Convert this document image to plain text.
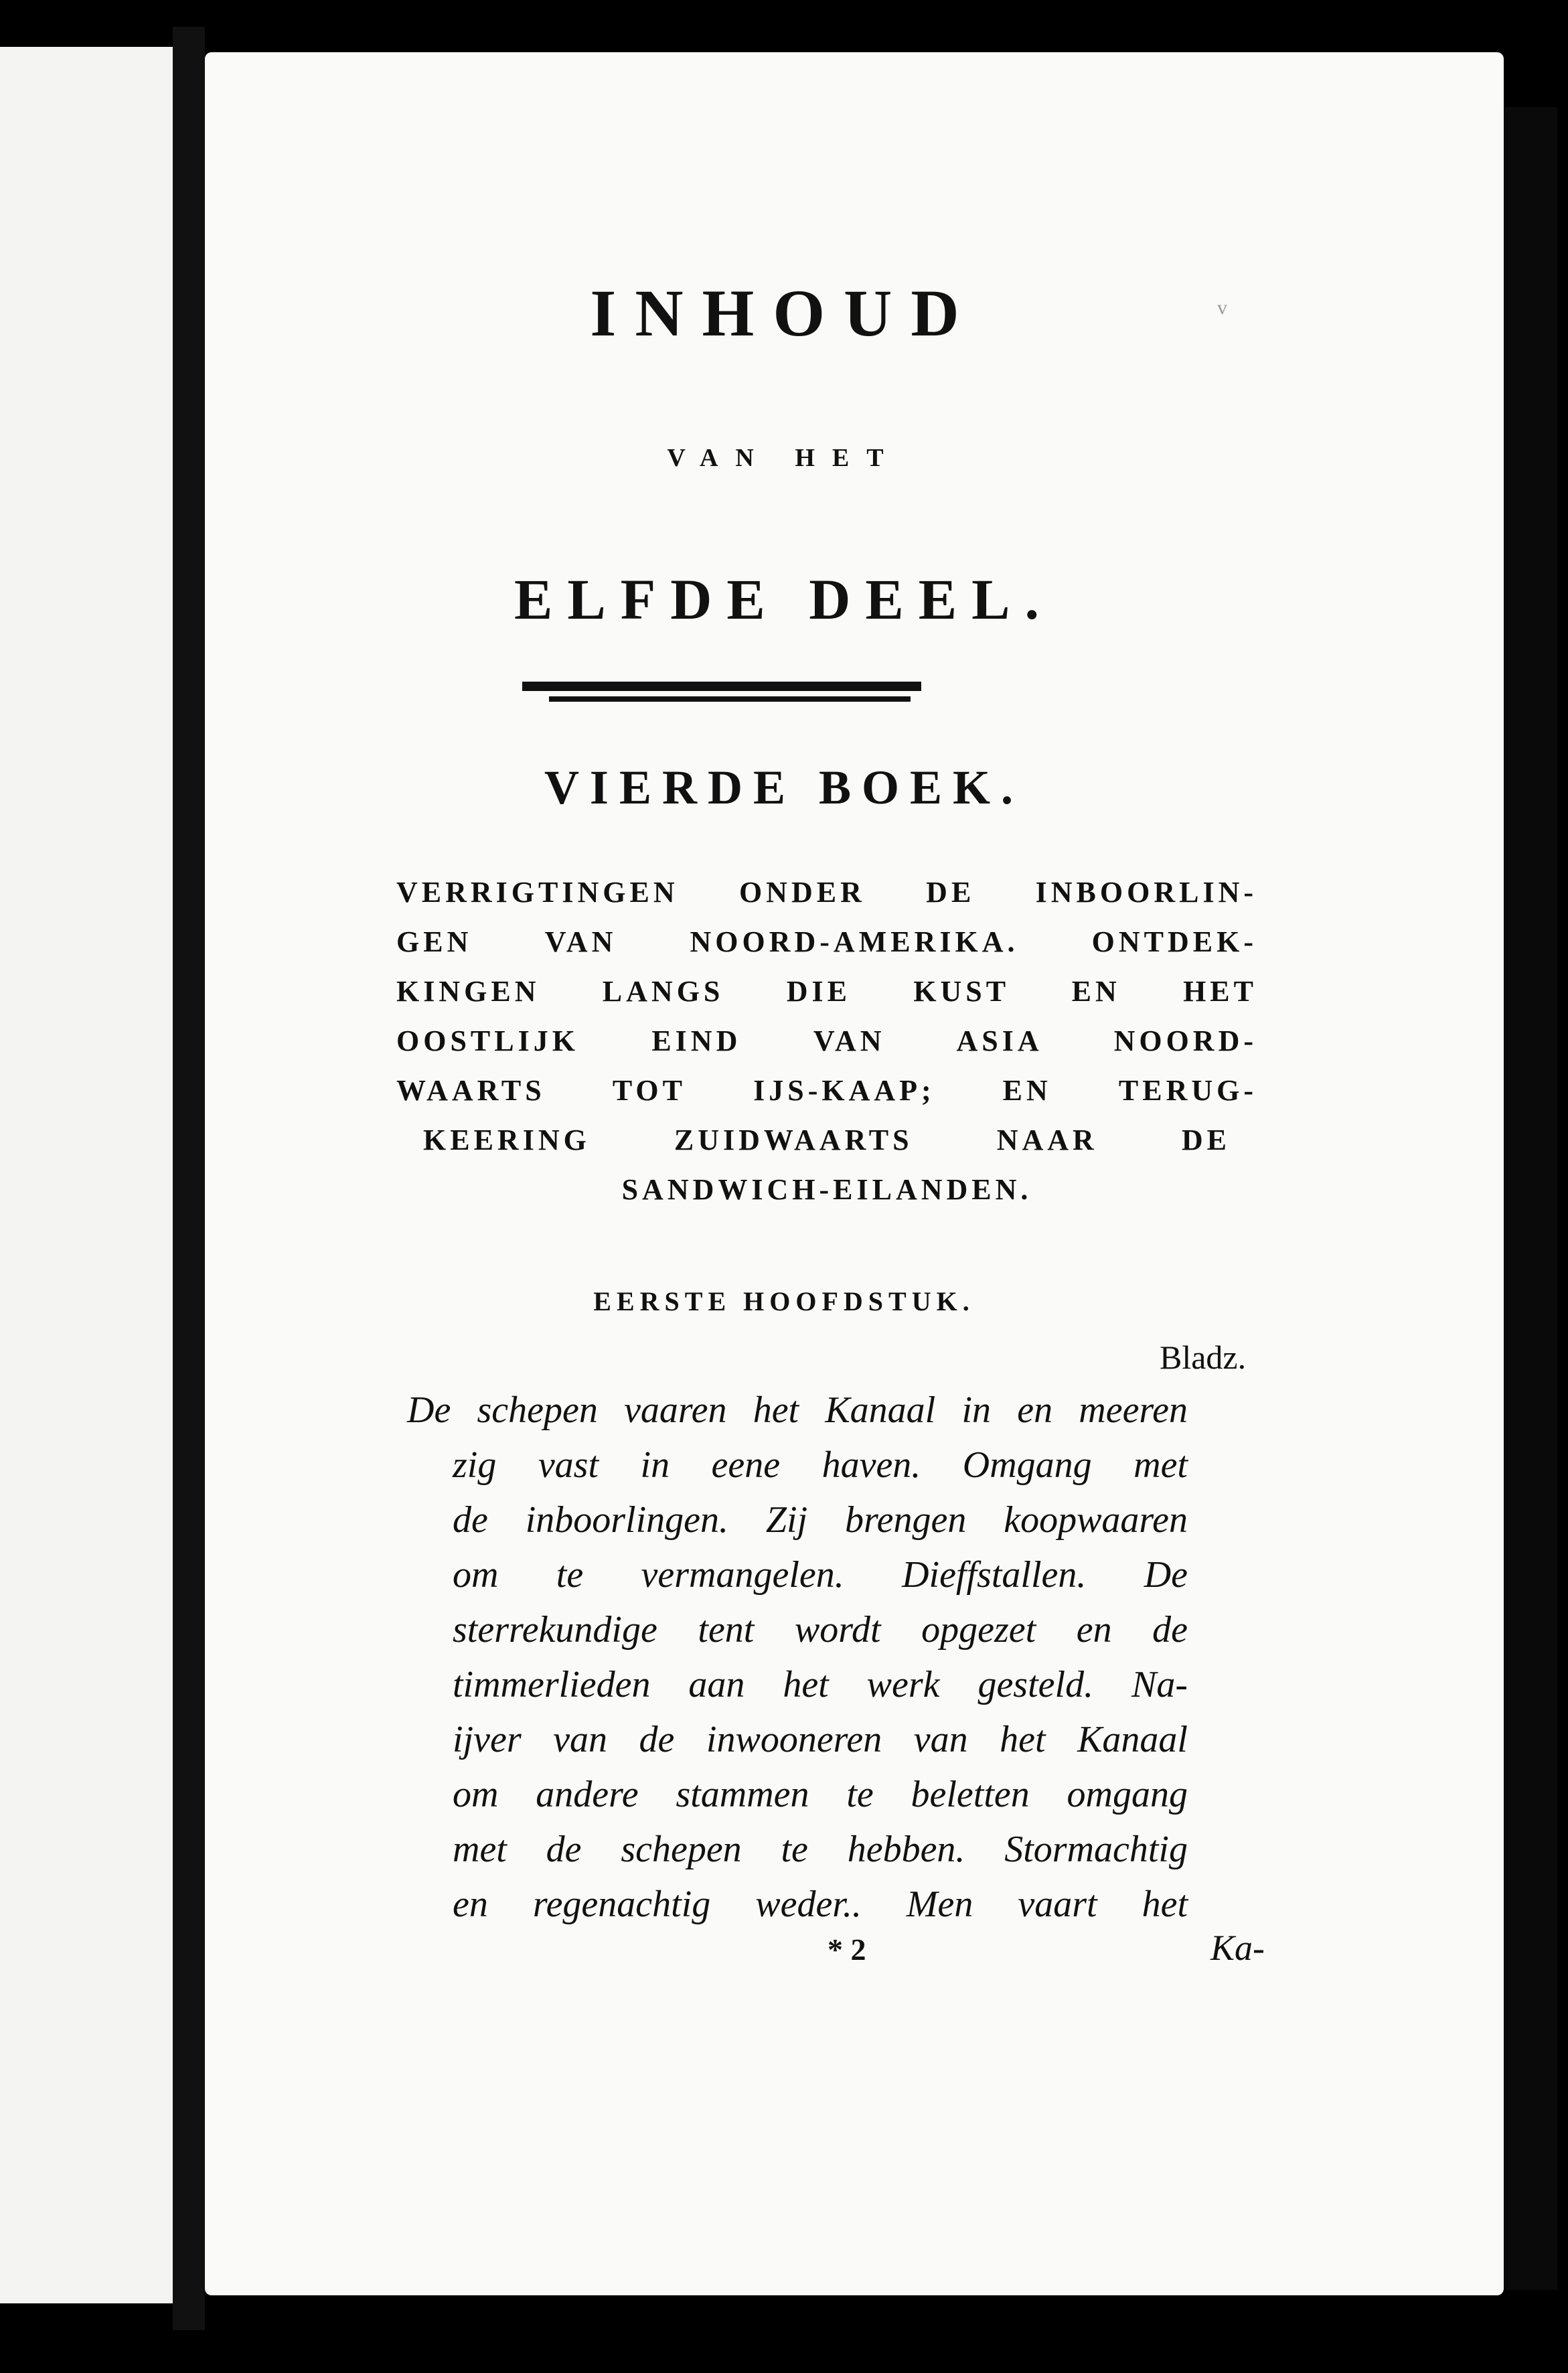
v
INHOUD
VAN HET
ELFDE DEEL.
VIERDE BOEK.
VERRIGTINGEN ONDER DE INBOORLIN-
GEN VAN NOORD-AMERIKA. ONTDEK-
KINGEN LANGS DIE KUST EN HET
OOSTLIJK EIND VAN ASIA NOORD-
WAARTS TOT IJS-KAAP; EN TERUG-
KEERING ZUIDWAARTS NAAR DE
SANDWICH-EILANDEN.
EERSTE HOOFDSTUK.
Bladz.
De schepen vaaren het Kanaal in en meeren
zig vast in eene haven. Omgang met
de inboorlingen. Zij brengen koopwaaren
om te vermangelen. Dieffstallen. De
sterrekundige tent wordt opgezet en de
timmerlieden aan het werk gesteld. Na-
ijver van de inwooneren van het Kanaal
om andere stammen te beletten omgang
met de schepen te hebben. Stormachtig
en regenachtig weder.. Men vaart het
* 2	Ka-
